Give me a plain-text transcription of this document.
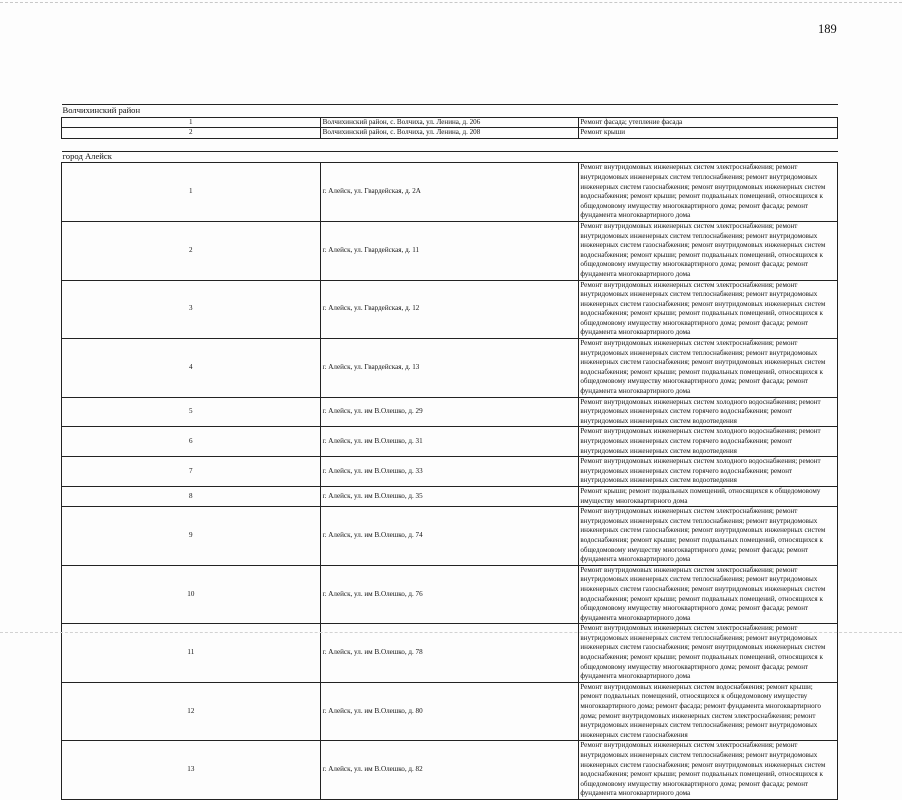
189
Волчихинский район		
1	Волчихинский район, с. Волчиха, ул. Ленина, д. 206	Ремонт фасада; утепление фасада
2	Волчихинский район, с. Волчиха, ул. Ленина, д. 208	Ремонт крыши

город Алейск		
1	г. Алейск, ул. Гвардейская, д. 2А	Ремонт внутридомовых инженерных систем электроснабжения; ремонт внутридомовых инженерных систем теплоснабжения; ремонт внутридомовых инженерных систем газоснабжения; ремонт внутридомовых инженерных систем водоснабжения; ремонт крыши; ремонт подвальных помещений, относящихся к общедомовому имуществу многоквартирного дома; ремонт фасада; ремонт фундамента многоквартирного дома
2	г. Алейск, ул. Гвардейская, д. 11	Ремонт внутридомовых инженерных систем электроснабжения; ремонт внутридомовых инженерных систем теплоснабжения; ремонт внутридомовых инженерных систем газоснабжения; ремонт внутридомовых инженерных систем водоснабжения; ремонт крыши; ремонт подвальных помещений, относящихся к общедомовому имуществу многоквартирного дома; ремонт фасада; ремонт фундамента многоквартирного дома
3	г. Алейск, ул. Гвардейская, д. 12	Ремонт внутридомовых инженерных систем электроснабжения; ремонт внутридомовых инженерных систем теплоснабжения; ремонт внутридомовых инженерных систем газоснабжения; ремонт внутридомовых инженерных систем водоснабжения; ремонт крыши; ремонт подвальных помещений, относящихся к общедомовому имуществу многоквартирного дома; ремонт фасада; ремонт фундамента многоквартирного дома
4	г. Алейск, ул. Гвардейская, д. 13	Ремонт внутридомовых инженерных систем электроснабжения; ремонт внутридомовых инженерных систем теплоснабжения; ремонт внутридомовых инженерных систем газоснабжения; ремонт внутридомовых инженерных систем водоснабжения; ремонт крыши; ремонт подвальных помещений, относящихся к общедомовому имуществу многоквартирного дома; ремонт фасада; ремонт фундамента многоквартирного дома
5	г. Алейск, ул. им В.Олешко, д. 29	Ремонт внутридомовых инженерных систем холодного водоснабжения; ремонт внутридомовых инженерных систем горячего водоснабжения; ремонт внутридомовых инженерных систем водоотведения
6	г. Алейск, ул. им В.Олешко, д. 31	Ремонт внутридомовых инженерных систем холодного водоснабжения; ремонт внутридомовых инженерных систем горячего водоснабжения; ремонт внутридомовых инженерных систем водоотведения
7	г. Алейск, ул. им В.Олешко, д. 33	Ремонт внутридомовых инженерных систем холодного водоснабжения; ремонт внутридомовых инженерных систем горячего водоснабжения; ремонт внутридомовых инженерных систем водоотведения
8	г. Алейск, ул. им В.Олешко, д. 35	Ремонт крыши; ремонт подвальных помещений, относящихся к общедомовому имуществу многоквартирного дома
9	г. Алейск, ул. им В.Олешко, д. 74	Ремонт внутридомовых инженерных систем электроснабжения; ремонт внутридомовых инженерных систем теплоснабжения; ремонт внутридомовых инженерных систем газоснабжения; ремонт внутридомовых инженерных систем водоснабжения; ремонт крыши; ремонт подвальных помещений, относящихся к общедомовому имуществу многоквартирного дома; ремонт фасада; ремонт фундамента многоквартирного дома
10	г. Алейск, ул. им В.Олешко, д. 76	Ремонт внутридомовых инженерных систем электроснабжения; ремонт внутридомовых инженерных систем теплоснабжения; ремонт внутридомовых инженерных систем газоснабжения; ремонт внутридомовых инженерных систем водоснабжения; ремонт крыши; ремонт подвальных помещений, относящихся к общедомовому имуществу многоквартирного дома; ремонт фасада; ремонт фундамента многоквартирного дома
11	г. Алейск, ул. им В.Олешко, д. 78	Ремонт внутридомовых инженерных систем электроснабжения; ремонт внутридомовых инженерных систем теплоснабжения; ремонт внутридомовых инженерных систем газоснабжения; ремонт внутридомовых инженерных систем водоснабжения; ремонт крыши; ремонт подвальных помещений, относящихся к общедомовому имуществу многоквартирного дома; ремонт фасада; ремонт фундамента многоквартирного дома
12	г. Алейск, ул. им В.Олешко, д. 80	Ремонт внутридомовых инженерных систем водоснабжения; ремонт крыши; ремонт подвальных помещений, относящихся к общедомовому имуществу многоквартирного дома; ремонт фасада; ремонт фундамента многоквартирного дома; ремонт внутридомовых инженерных систем электроснабжения; ремонт внутридомовых инженерных систем теплоснабжения; ремонт внутридомовых инженерных систем газоснабжения
13	г. Алейск, ул. им В.Олешко, д. 82	Ремонт внутридомовых инженерных систем электроснабжения; ремонт внутридомовых инженерных систем теплоснабжения; ремонт внутридомовых инженерных систем газоснабжения; ремонт внутридомовых инженерных систем водоснабжения; ремонт крыши; ремонт подвальных помещений, относящихся к общедомовому имуществу многоквартирного дома; ремонт фасада; ремонт фундамента многоквартирного дома
